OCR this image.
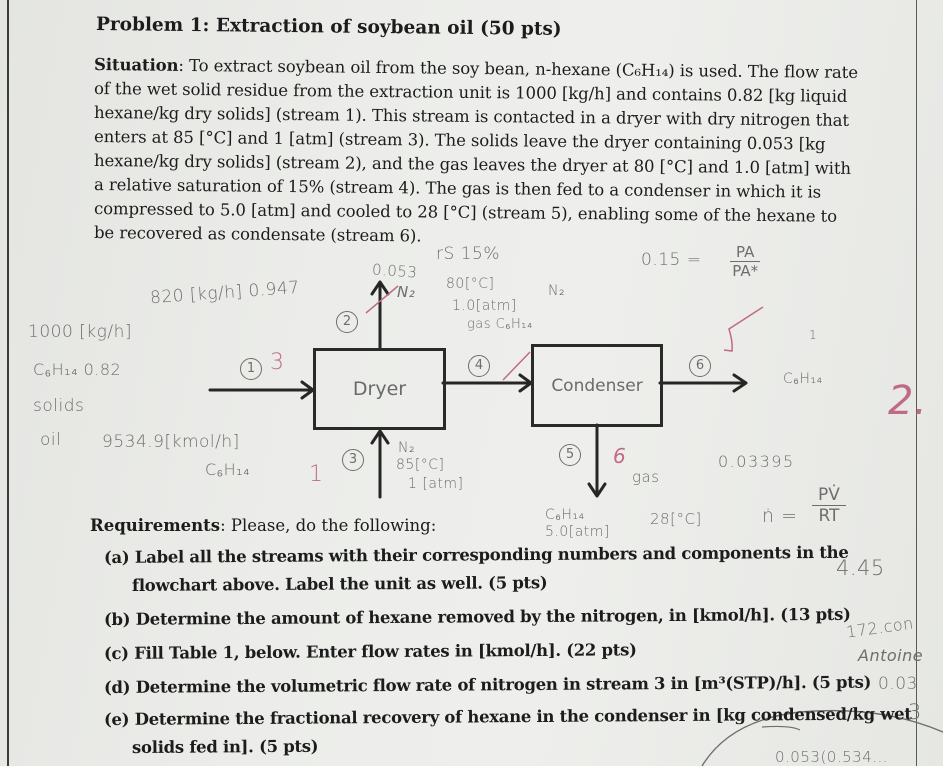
Problem 1: Extraction of soybean oil (50 pts)
Situation: To extract soybean oil from the soy bean, n-hexane (C₆H₁₄) is used. The flow rate
of the wet solid residue from the extraction unit is 1000 [kg/h] and contains 0.82 [kg liquid
hexane/kg dry solids] (stream 1). This stream is contacted in a dryer with dry nitrogen that
enters at 85 [°C] and 1 [atm] (stream 3). The solids leave the dryer containing 0.053 [kg
hexane/kg dry solids] (stream 2), and the gas leaves the dryer at 80 [°C] and 1.0 [atm] with
a relative saturation of 15% (stream 4). The gas is then fed to a condenser in which it is
compressed to 5.0 [atm] and cooled to 28 [°C] (stream 5), enabling some of the hexane to
be recovered as condensate (stream 6).
Dryer	Condenser
1
2
3
4
5
6
1000 [kg/h]
C₆H₁₄ 0.82
solids
oil 9534.9[kmol/h]
C₆H₁₄
820 [kg/h] 0.947
0.053
N₂ 80[°C]	N₂
1.0[atm]
gas C₆H₁₄
N₂
85[°C]
1 [atm]
rS 15%	$0.15 = \frac{PA}{PA*}$
1
C₆H₁₄
gas
C₆H₁₄
5.0[atm]
28[°C]
0.03395
ṅ = $\frac{PV̇}{RT}$
3
1
6
2.
Requirements: Please, do the following:
(a) Label all the streams with their corresponding numbers and components in the
flowchart above. Label the unit as well. (5 pts)
(b) Determine the amount of hexane removed by the nitrogen, in [kmol/h]. (13 pts)
(c) Fill Table 1, below. Enter flow rates in [kmol/h]. (22 pts)
(d) Determine the volumetric flow rate of nitrogen in stream 3 in [m³(STP)/h]. (5 pts)
(e) Determine the fractional recovery of hexane in the condenser in [kg condensed/kg wet
solids fed in]. (5 pts)
4.45
172.con
Antoine
0.03
3
0.053(0.534...
